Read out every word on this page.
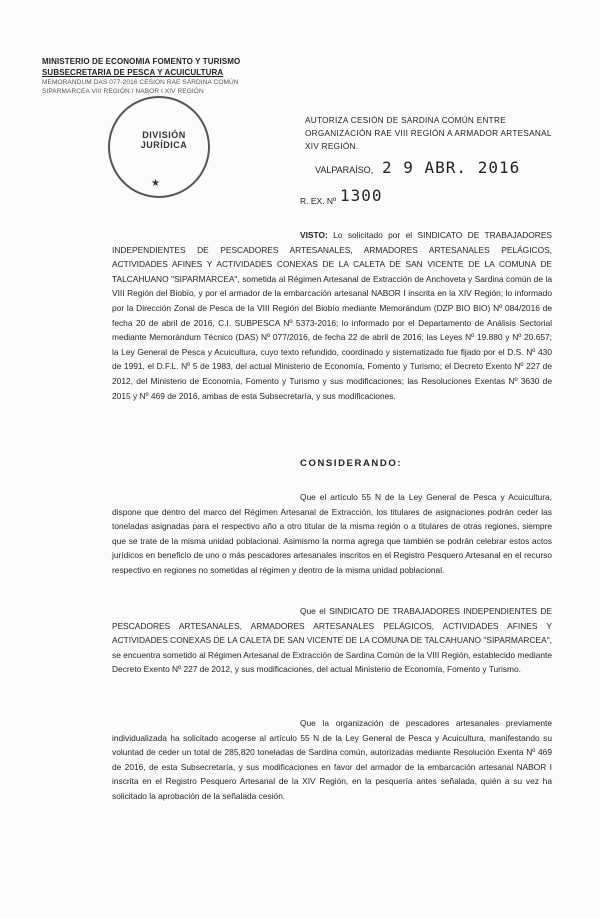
MINISTERIO DE ECONOMIA FOMENTO Y TURISMO
SUBSECRETARIA DE PESCA Y ACUICULTURA
MEMORANDUM DAS 077-2016 CESION RAE SARDINA COMÚN
SIPARMARCEA VIII REGIÓN / NABOR I XIV REGIÓN
DIVISIÓN
JURÍDICA
★
AUTORIZA CESIÓN DE SARDINA COMÚN ENTRE ORGANIZACIÓN RAE VIII REGIÓN A ARMADOR ARTESANAL XIV REGIÓN.
VALPARAÍSO, 2 9 ABR. 2016
R. EX. Nº 1300
VISTO: Lo solicitado por el SINDICATO DE TRABAJADORES INDEPENDIENTES DE PESCADORES ARTESANALES, ARMADORES ARTESANALES PELÁGICOS, ACTIVIDADES AFINES Y ACTIVIDADES CONEXAS DE LA CALETA DE SAN VICENTE DE LA COMUNA DE TALCAHUANO "SIPARMARCEA", sometida al Régimen Artesanal de Extracción de Anchoveta y Sardina común de la VIII Región del Biobío, y por el armador de la embarcación artesanal NABOR I inscrita en la XIV Región; lo informado por la Dirección Zonal de Pesca de la VIII Región del Biobío mediante Memorándum (DZP BIO BIO) Nº 084/2016 de fecha 20 de abril de 2016, C.I. SUBPESCA Nº 5373-2016; lo informado por el Departamento de Análisis Sectorial mediante Memorándum Técnico (DAS) Nº 077/2016, de fecha 22 de abril de 2016; las Leyes Nº 19.880 y Nº 20.657; la Ley General de Pesca y Acuicultura, cuyo texto refundido, coordinado y sistematizado fue fijado por el D.S. Nº 430 de 1991, el D.F.L. Nº 5 de 1983, del actual Ministerio de Economía, Fomento y Turismo; el Decreto Exento Nº 227 de 2012, del Ministerio de Economía, Fomento y Turismo y sus modificaciones; las Resoluciones Exentas Nº 3630 de 2015 y Nº 469 de 2016, ambas de esta Subsecretaría, y sus modificaciones.
CONSIDERANDO:
Que el artículo 55 N de la Ley General de Pesca y Acuicultura, dispone que dentro del marco del Régimen Artesanal de Extracción, los titulares de asignaciones podrán ceder las toneladas asignadas para el respectivo año a otro titular de la misma región o a titulares de otras regiones, siempre que se trate de la misma unidad poblacional. Asimismo la norma agrega que también se podrán celebrar estos actos jurídicos en beneficio de uno o más pescadores artesanales inscritos en el Registro Pesquero Artesanal en el recurso respectivo en regiones no sometidas al régimen y dentro de la misma unidad poblacional.
Que el SINDICATO DE TRABAJADORES INDEPENDIENTES DE PESCADORES ARTESANALES, ARMADORES ARTESANALES PELÁGICOS, ACTIVIDADES AFINES Y ACTIVIDADES CONEXAS DE LA CALETA DE SAN VICENTE DE LA COMUNA DE TALCAHUANO "SIPARMARCEA", se encuentra sometido al Régimen Artesanal de Extracción de Sardina Común de la VIII Región, establecido mediante Decreto Exento Nº 227 de 2012, y sus modificaciones, del actual Ministerio de Economía, Fomento y Turismo.
Que la organización de pescadores artesanales previamente individualizada ha solicitado acogerse al artículo 55 N de la Ley General de Pesca y Acuicultura, manifestando su voluntad de ceder un total de 285,820 toneladas de Sardina común, autorizadas mediante Resolución Exenta Nº 469 de 2016, de esta Subsecretaría, y sus modificaciones en favor del armador de la embarcación artesanal NABOR I inscrita en el Registro Pesquero Artesanal de la XIV Región, en la pesquería antes señalada, quién a su vez ha solicitado la aprobación de la señalada cesión.
